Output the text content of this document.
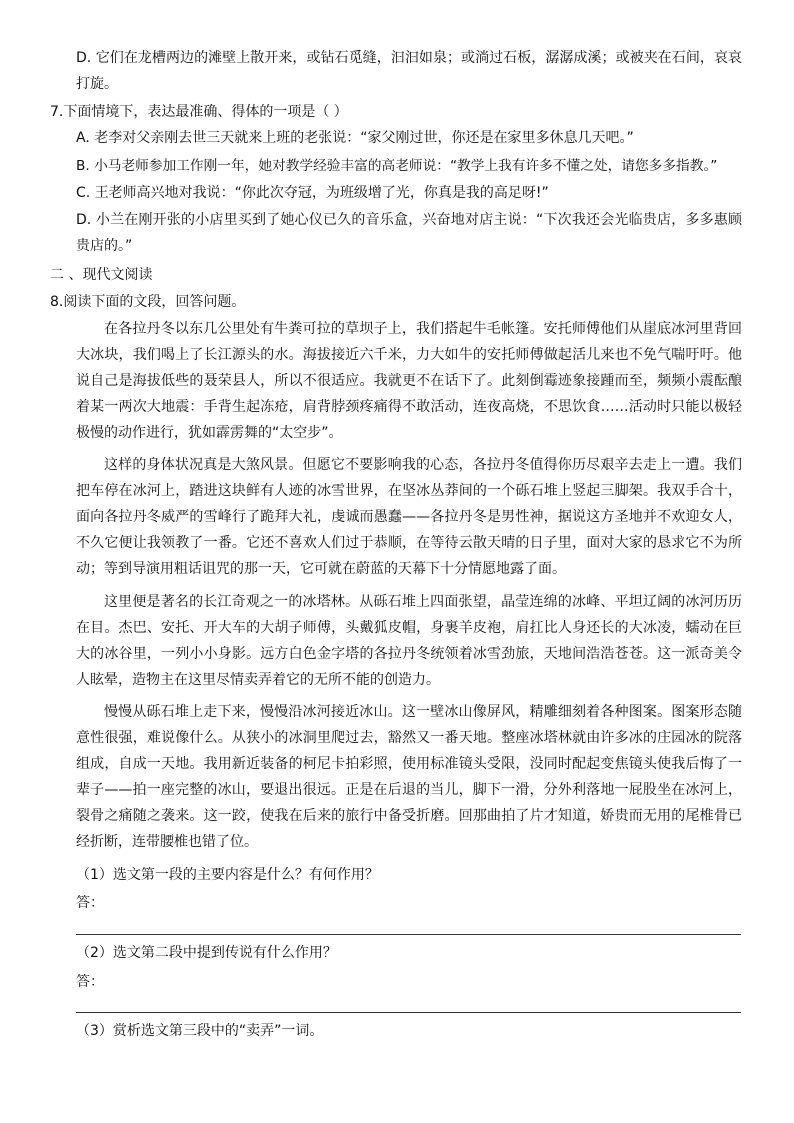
D. 它们在龙槽两边的滩壁上散开来，或钻石觅缝，汩汩如泉；或淌过石板，潺潺成溪；或被夹在石间，哀哀打旋。
7.下面情境下，表达最准确、得体的一项是（ ）
A. 老李对父亲刚去世三天就来上班的老张说：“家父刚过世，你还是在家里多休息几天吧。”
B. 小马老师参加工作刚一年，她对教学经验丰富的高老师说：“教学上我有许多不懂之处，请您多多指教。”
C. 王老师高兴地对我说：“你此次夺冠，为班级增了光，你真是我的高足呀!”
D. 小兰在刚开张的小店里买到了她心仪已久的音乐盒，兴奋地对店主说：“下次我还会光临贵店，多多惠顾贵店的。”
二 、现代文阅读
8.阅读下面的文段，回答问题。
在各拉丹冬以东几公里处有牛粪可拉的草坝子上，我们搭起牛毛帐篷。安托师傅他们从崖底冰河里背回大冰块，我们喝上了长江源头的水。海拔接近六千米，力大如牛的安托师傅做起活儿来也不免气喘吁吁。他说自己是海拔低些的聂荣县人，所以不很适应。我就更不在话下了。此刻倒霉迹象接踵而至，频频小震酝酿着某一两次大地震：手背生起冻疮，肩背脖颈疼痛得不敢活动，连夜高烧，不思饮食……活动时只能以极轻极慢的动作进行，犹如霹雳舞的“太空步”。
这样的身体状况真是大煞风景。但愿它不要影响我的心态，各拉丹冬值得你历尽艰辛去走上一遭。我们把车停在冰河上，踏进这块鲜有人迹的冰雪世界，在坚冰丛莽间的一个砾石堆上竖起三脚架。我双手合十，面向各拉丹冬威严的雪峰行了跪拜大礼，虔诚而愚蠢——各拉丹冬是男性神，据说这方圣地并不欢迎女人，不久它便让我领教了一番。它还不喜欢人们过于恭顺，在等待云散天晴的日子里，面对大家的恳求它不为所动；等到导演用粗话诅咒的那一天，它可就在蔚蓝的天幕下十分情愿地露了面。
这里便是著名的长江奇观之一的冰塔林。从砾石堆上四面张望，晶莹连绵的冰峰、平坦辽阔的冰河历历在目。杰巴、安托、开大车的大胡子师傅，头戴狐皮帽，身裹羊皮袍，肩扛比人身还长的大冰凌，蠕动在巨大的冰谷里，一列小小身影。远方白色金字塔的各拉丹冬统领着冰雪劲旅，天地间浩浩苍苍。这一派奇美令人眩晕，造物主在这里尽情卖弄着它的无所不能的创造力。
慢慢从砾石堆上走下来，慢慢沿冰河接近冰山。这一壁冰山像屏风，精雕细刻着各种图案。图案形态随意性很强，难说像什么。从狭小的冰洞里爬过去，豁然又一番天地。整座冰塔林就由许多冰的庄园冰的院落组成，自成一天地。我用新近装备的柯尼卡拍彩照，使用标准镜头受限，没同时配起变焦镜头使我后悔了一辈子——拍一座完整的冰山，要退出很远。正是在后退的当儿，脚下一滑，分外利落地一屁股坐在冰河上，裂骨之痛随之袭来。这一跤，使我在后来的旅行中备受折磨。回那曲拍了片才知道，娇贵而无用的尾椎骨已经折断，连带腰椎也错了位。
（1）选文第一段的主要内容是什么？有何作用？
答：
（2）选文第二段中提到传说有什么作用？
答：
（3）赏析选文第三段中的“卖弄”一词。
